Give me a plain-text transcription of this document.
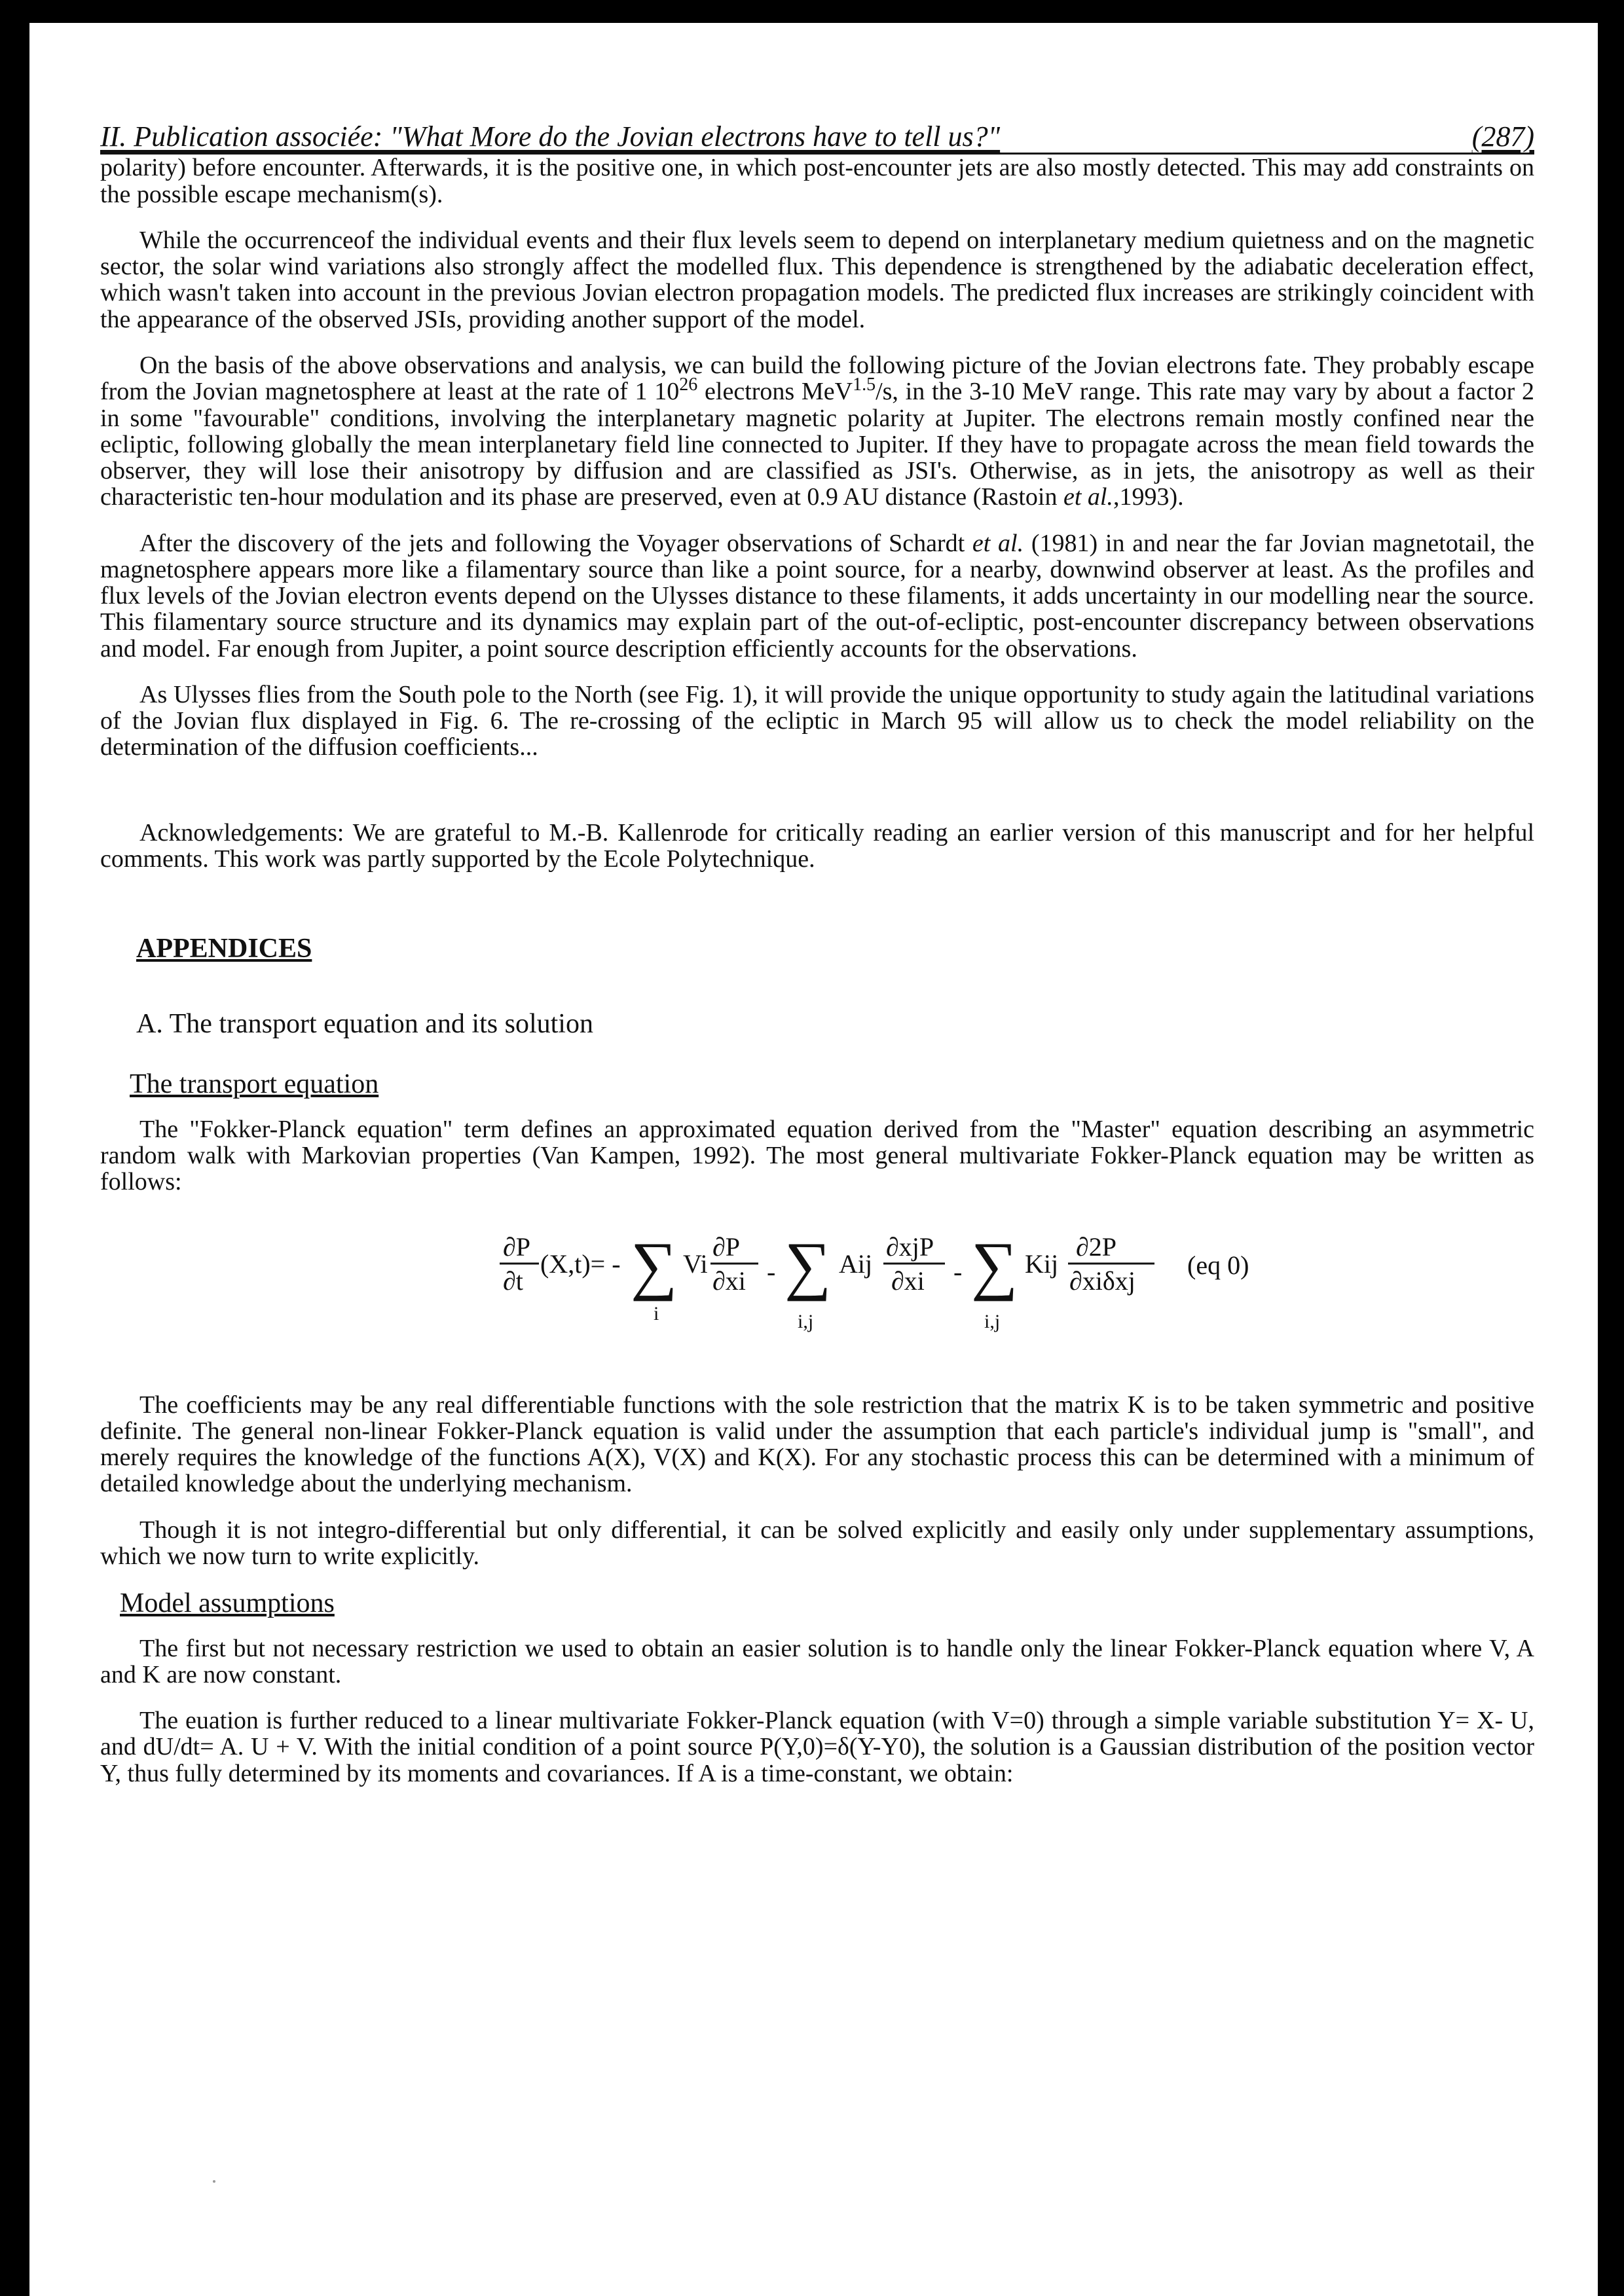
II. Publication associée: "What More do the Jovian electrons have to tell us?"	(287)

polarity) before encounter. Afterwards, it is the positive one, in which post-encounter jets are also mostly detected. This may add constraints on the possible escape mechanism(s).

While the occurrenceof the individual events and their flux levels seem to depend on interplanetary medium quietness and on the magnetic sector, the solar wind variations also strongly affect the modelled flux. This dependence is strengthened by the adiabatic deceleration effect, which wasn't taken into account in the previous Jovian electron propagation models. The predicted flux increases are strikingly coincident with the appearance of the observed JSIs, providing another support of the model.

On the basis of the above observations and analysis, we can build the following picture of the Jovian electrons fate. They probably escape from the Jovian magnetosphere at least at the rate of 1 $10^{26}$ electrons MeV$^{1.5}$/s, in the 3-10 MeV range. This rate may vary by about a factor 2 in some "favourable" conditions, involving the interplanetary magnetic polarity at Jupiter. The electrons remain mostly confined near the ecliptic, following globally the mean interplanetary field line connected to Jupiter. If they have to propagate across the mean field towards the observer, they will lose their anisotropy by diffusion and are classified as JSI's. Otherwise, as in jets, the anisotropy as well as their characteristic ten-hour modulation and its phase are preserved, even at 0.9 AU distance (Rastoin et al.,1993).

After the discovery of the jets and following the Voyager observations of Schardt et al. (1981) in and near the far Jovian magnetotail, the magnetosphere appears more like a filamentary source than like a point source, for a nearby, downwind observer at least. As the profiles and flux levels of the Jovian electron events depend on the Ulysses distance to these filaments, it adds uncertainty in our modelling near the source. This filamentary source structure and its dynamics may explain part of the out-of-ecliptic, post-encounter discrepancy between observations and model. Far enough from Jupiter, a point source description efficiently accounts for the observations.

As Ulysses flies from the South pole to the North (see Fig. 1), it will provide the unique opportunity to study again the latitudinal variations of the Jovian flux displayed in Fig. 6. The re-crossing of the ecliptic in March 95 will allow us to check the model reliability on the determination of the diffusion coefficients...

Acknowledgements: We are grateful to M.-B. Kallenrode for critically reading an earlier version of this manuscript and for her helpful comments. This work was partly supported by the Ecole Polytechnique.

APPENDICES
A. The transport equation and its solution
The transport equation

The "Fokker-Planck equation" term defines an approximated equation derived from the "Master" equation describing an asymmetric random walk with Markovian properties (Van Kampen, 1992). The most general multivariate Fokker-Planck equation may be written as follows:

∂P
∂t
(X,t)= - ∑
i
Vi
∂P
∂xi - ∑
i,j
Aij
∂xjP
∂xi - ∑
i,j
Kij
∂2P
∂xiδxj
(eq 0)

The coefficients may be any real differentiable functions with the sole restriction that the matrix K is to be taken symmetric and positive definite. The general non-linear Fokker-Planck equation is valid under the assumption that each particle's individual jump is "small", and merely requires the knowledge of the functions A(X), V(X) and K(X). For any stochastic process this can be determined with a minimum of detailed knowledge about the underlying mechanism.

Though it is not integro-differential but only differential, it can be solved explicitly and easily only under supplementary assumptions, which we now turn to write explicitly.

Model assumptions

The first but not necessary restriction we used to obtain an easier solution is to handle only the linear Fokker-Planck equation where V, A and K are now constant.

The euation is further reduced to a linear multivariate Fokker-Planck equation (with V=0) through a simple variable substitution Y= X- U, and dU/dt= A. U + V. With the initial condition of a point source P(Y,0)=δ(Y-Y0), the solution is a Gaussian distribution of the position vector Y, thus fully determined by its moments and covariances. If A is a time-constant, we obtain:
